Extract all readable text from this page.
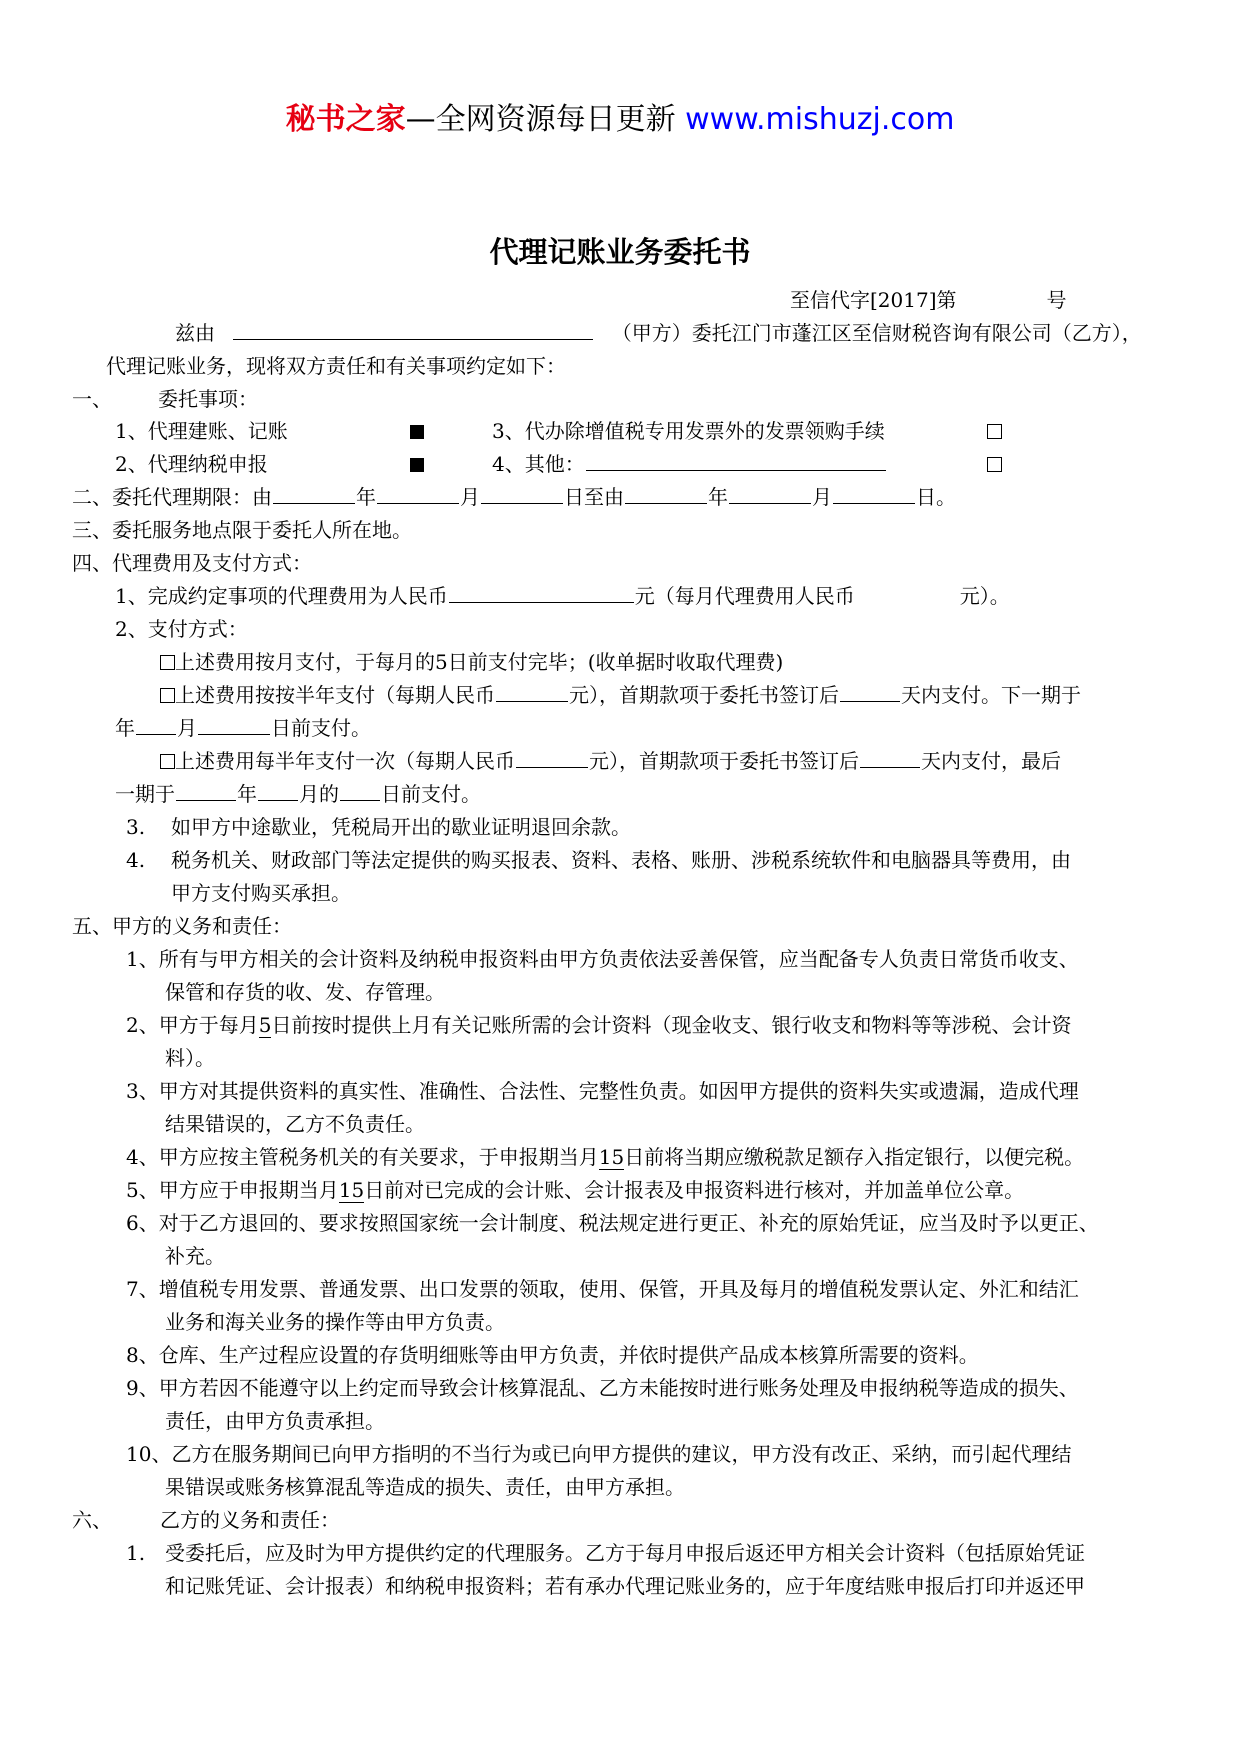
秘书之家—全网资源每日更新 www.mishuzj.com
代理记账业务委托书
至信代字[2017]第	号
兹由	（甲方）委托江门市蓬江区至信财税咨询有限公司（乙方），
代理记账业务，现将双方责任和有关事项约定如下：
一、 委托事项：
1、代理建账、记账	3、代办除增值税专用发票外的发票领购手续
2、代理纳税申报	4、其他：
二、委托代理期限：由	年	月	日至由	年	月	日。
三、委托服务地点限于委托人所在地。
四、代理费用及支付方式：
1、完成约定事项的代理费用为人民币	元（每月代理费用人民币	元）。
2、支付方式：
上述费用按月支付，于每月的5日前支付完毕；(收单据时收取代理费)
上述费用按按半年支付（每期人民币	元），首期款项于委托书签订后	天内支付。下一期于
年 月	日前支付。
上述费用每半年支付一次（每期人民币	元），首期款项于委托书签订后	天内支付，最后
一期于	年 月的 日前支付。
3. 如甲方中途歇业，凭税局开出的歇业证明退回余款。
4. 税务机关、财政部门等法定提供的购买报表、资料、表格、账册、涉税系统软件和电脑器具等费用，由
甲方支付购买承担。
五、甲方的义务和责任：
1、所有与甲方相关的会计资料及纳税申报资料由甲方负责依法妥善保管，应当配备专人负责日常货币收支、
保管和存货的收、发、存管理。
2、甲方于每月5日前按时提供上月有关记账所需的会计资料（现金收支、银行收支和物料等等涉税、会计资
料）。
3、甲方对其提供资料的真实性、准确性、合法性、完整性负责。如因甲方提供的资料失实或遗漏，造成代理
结果错误的，乙方不负责任。
4、甲方应按主管税务机关的有关要求，于申报期当月15日前将当期应缴税款足额存入指定银行，以便完税。
5、甲方应于申报期当月15日前对已完成的会计账、会计报表及申报资料进行核对，并加盖单位公章。
6、对于乙方退回的、要求按照国家统一会计制度、税法规定进行更正、补充的原始凭证，应当及时予以更正、
补充。
7、增值税专用发票、普通发票、出口发票的领取，使用、保管，开具及每月的增值税发票认定、外汇和结汇
业务和海关业务的操作等由甲方负责。
8、仓库、生产过程应设置的存货明细账等由甲方负责，并依时提供产品成本核算所需要的资料。
9、甲方若因不能遵守以上约定而导致会计核算混乱、乙方未能按时进行账务处理及申报纳税等造成的损失、
责任，由甲方负责承担。
10、乙方在服务期间已向甲方指明的不当行为或已向甲方提供的建议，甲方没有改正、采纳，而引起代理结
果错误或账务核算混乱等造成的损失、责任，由甲方承担。
六、 乙方的义务和责任：
1. 受委托后，应及时为甲方提供约定的代理服务。乙方于每月申报后返还甲方相关会计资料（包括原始凭证
和记账凭证、会计报表）和纳税申报资料；若有承办代理记账业务的，应于年度结账申报后打印并返还甲
